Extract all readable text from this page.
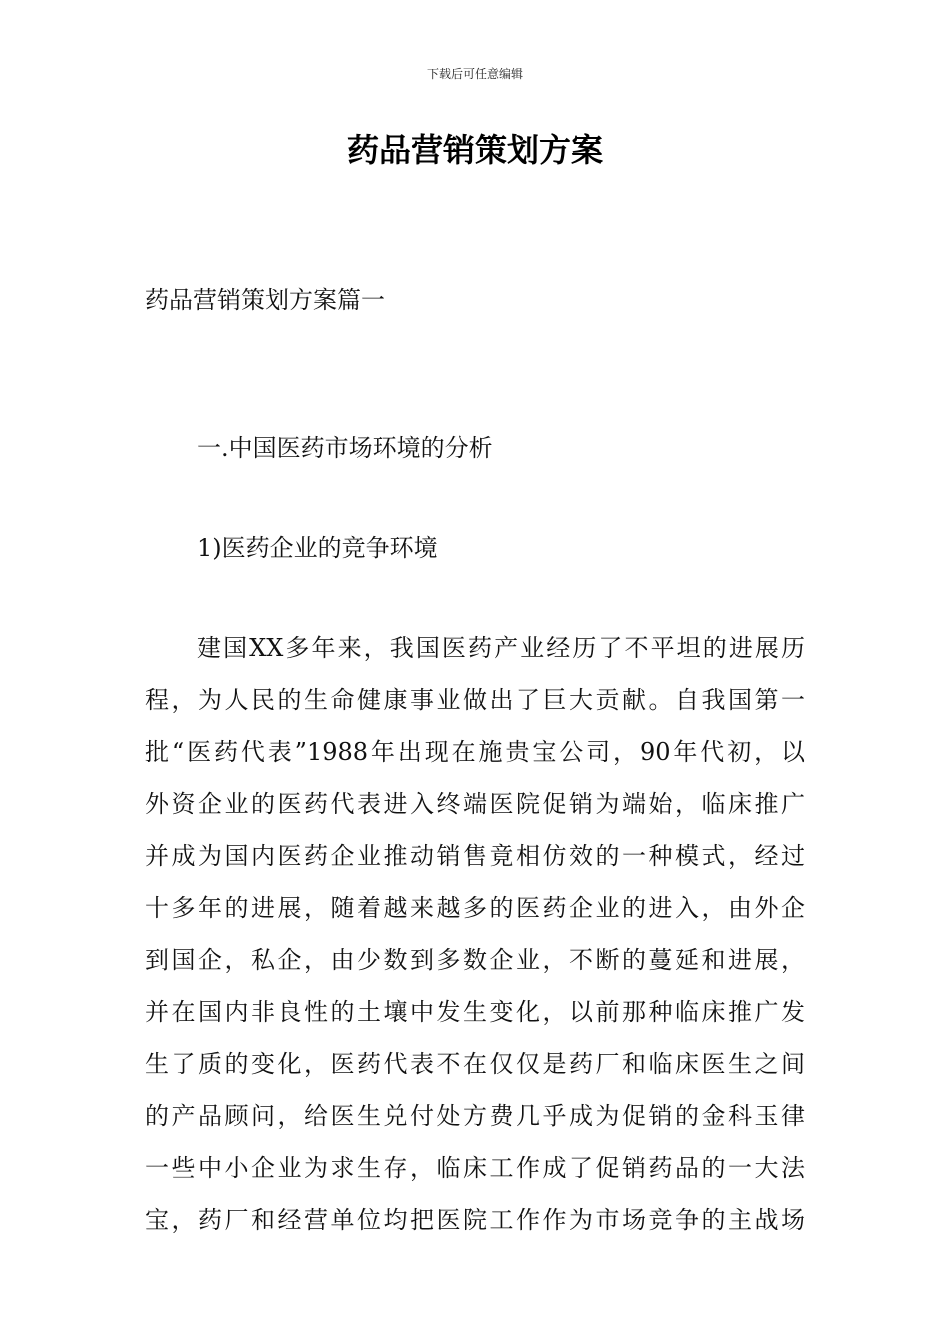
下载后可任意编辑
药品营销策划方案
药品营销策划方案篇一
一.中国医药市场环境的分析
1)医药企业的竞争环境
建国XX多年来，我国医药产业经历了不平坦的进展历
程，为人民的生命健康事业做出了巨大贡献。自我国第一
批“医药代表”1988年出现在施贵宝公司，90年代初，以
外资企业的医药代表进入终端医院促销为端始，临床推广
并成为国内医药企业推动销售竟相仿效的一种模式，经过
十多年的进展，随着越来越多的医药企业的进入，由外企
到国企，私企，由少数到多数企业，不断的蔓延和进展，
并在国内非良性的土壤中发生变化，以前那种临床推广发
生了质的变化，医药代表不在仅仅是药厂和临床医生之间
的产品顾问，给医生兑付处方费几乎成为促销的金科玉律
一些中小企业为求生存，临床工作成了促销药品的一大法
宝，药厂和经营单位均把医院工作作为市场竞争的主战场
